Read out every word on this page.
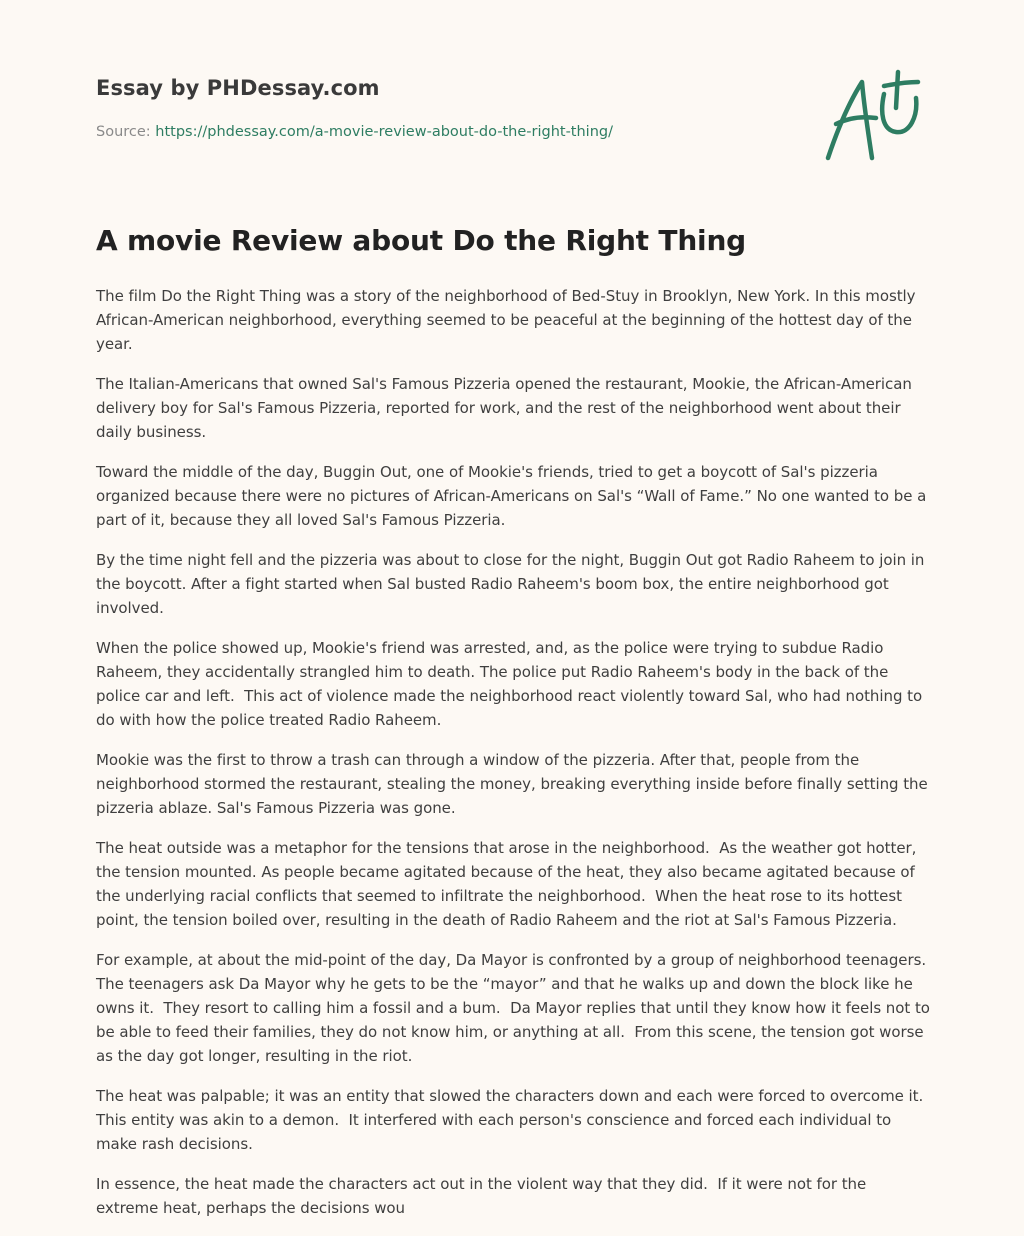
Essay by PHDessay.com
Source: https://phdessay.com/a-movie-review-about-do-the-right-thing/
A movie Review about Do the Right Thing

The film Do the Right Thing was a story of the neighborhood of Bed-Stuy in Brooklyn, New York. In this mostly African-American neighborhood, everything seemed to be peaceful at the beginning of the hottest day of the year.

The Italian-Americans that owned Sal's Famous Pizzeria opened the restaurant, Mookie, the African-American delivery boy for Sal's Famous Pizzeria, reported for work, and the rest of the neighborhood went about their daily business.

Toward the middle of the day, Buggin Out, one of Mookie's friends, tried to get a boycott of Sal's pizzeria organized because there were no pictures of African-Americans on Sal's “Wall of Fame.” No one wanted to be a part of it, because they all loved Sal's Famous Pizzeria.

By the time night fell and the pizzeria was about to close for the night, Buggin Out got Radio Raheem to join in the boycott. After a fight started when Sal busted Radio Raheem's boom box, the entire neighborhood got involved.

When the police showed up, Mookie's friend was arrested, and, as the police were trying to subdue Radio Raheem, they accidentally strangled him to death. The police put Radio Raheem's body in the back of the police car and left.  This act of violence made the neighborhood react violently toward Sal, who had nothing to do with how the police treated Radio Raheem.

Mookie was the first to throw a trash can through a window of the pizzeria. After that, people from the neighborhood stormed the restaurant, stealing the money, breaking everything inside before finally setting the pizzeria ablaze. Sal's Famous Pizzeria was gone.

The heat outside was a metaphor for the tensions that arose in the neighborhood.  As the weather got hotter, the tension mounted. As people became agitated because of the heat, they also became agitated because of the underlying racial conflicts that seemed to infiltrate the neighborhood.  When the heat rose to its hottest point, the tension boiled over, resulting in the death of Radio Raheem and the riot at Sal's Famous Pizzeria.

For example, at about the mid-point of the day, Da Mayor is confronted by a group of neighborhood teenagers. The teenagers ask Da Mayor why he gets to be the “mayor” and that he walks up and down the block like he owns it.  They resort to calling him a fossil and a bum.  Da Mayor replies that until they know how it feels not to be able to feed their families, they do not know him, or anything at all.  From this scene, the tension got worse as the day got longer, resulting in the riot.

The heat was palpable; it was an entity that slowed the characters down and each were forced to overcome it. This entity was akin to a demon.  It interfered with each person's conscience and forced each individual to make rash decisions.

In essence, the heat made the characters act out in the violent way that they did.  If it were not for the extreme heat, perhaps the decisions wou
